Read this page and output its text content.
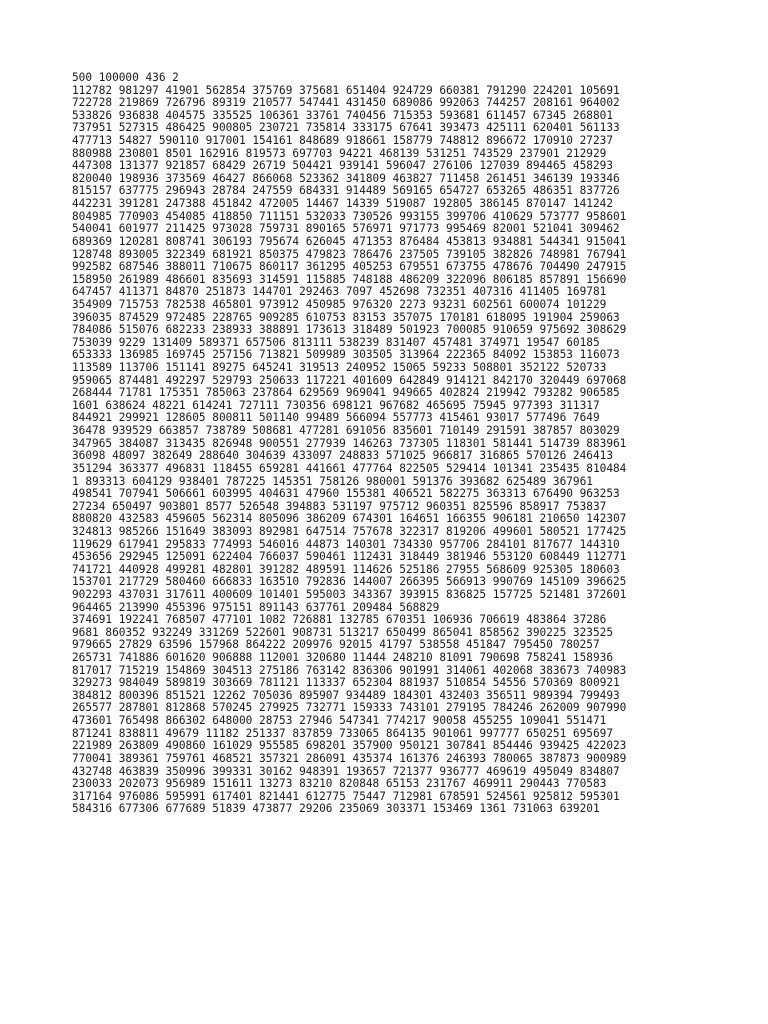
500 100000 436 2
112782 981297 41901 562854 375769 375681 651404 924729 660381 791290 224201 105691
722728 219869 726796 89319 210577 547441 431450 689086 992063 744257 208161 964002
533826 936838 404575 335525 106361 33761 740456 715353 593681 611457 67345 268801
737951 527315 486425 900805 230721 735814 333175 67641 393473 425111 620401 561133
477713 54827 590110 917001 154161 848689 918661 158779 748812 896672 170910 27237
880988 230801 8501 162916 819573 697703 94221 468139 531251 743529 237901 212929
447308 131377 921857 68429 26719 504421 939141 596047 276106 127039 894465 458293
820040 198936 373569 46427 866068 523362 341809 463827 711458 261451 346139 193346
815157 637775 296943 28784 247559 684331 914489 569165 654727 653265 486351 837726
442231 391281 247388 451842 472005 14467 14339 519087 192805 386145 870147 141242
804985 770903 454085 418850 711151 532033 730526 993155 399706 410629 573777 958601
540041 601977 211425 973028 759731 890165 576971 971773 995469 82001 521041 309462
689369 120281 808741 306193 795674 626045 471353 876484 453813 934881 544341 915041
128748 893005 322349 681921 850375 479823 786476 237505 739105 382826 748981 767941
992582 687546 388011 710675 860117 361295 405253 679551 673755 478676 704490 247915
158950 261989 486601 835693 314591 115885 748188 486209 322096 806185 857891 156690
647457 411371 84870 251873 144701 292463 7097 452698 732351 407316 411405 169781
354909 715753 782538 465801 973912 450985 976320 2273 93231 602561 600074 101229
396035 874529 972485 228765 909285 610753 83153 357075 170181 618095 191904 259063
784086 515076 682233 238933 388891 173613 318489 501923 700085 910659 975692 308629
753039 9229 131409 589371 657506 813111 538239 831407 457481 374971 19547 60185
653333 136985 169745 257156 713821 509989 303505 313964 222365 84092 153853 116073
113589 113706 151141 89275 645241 319513 240952 15065 59233 508801 352122 520733
959065 874481 492297 529793 250633 117221 401609 642849 914121 842170 320449 697068
268444 71781 175351 785063 237864 629569 969041 949665 402824 219942 793282 906585
1601 638624 48221 614241 727111 730356 698121 967682 465695 75945 977393 311317
844921 299921 128605 800811 501140 99489 566094 557773 415461 93017 577496 7649
36478 939529 663857 738789 508681 477281 691056 835601 710149 291591 387857 803029
347965 384087 313435 826948 900551 277939 146263 737305 118301 581441 514739 883961
36098 48097 382649 288640 304639 433097 248833 571025 966817 316865 570126 246413
351294 363377 496831 118455 659281 441661 477764 822505 529414 101341 235435 810484
1 893313 604129 938401 787225 145351 758126 980001 591376 393682 625489 367961
498541 707941 506661 603995 404631 47960 155381 406521 582275 363313 676490 963253
27234 650497 903801 8577 526548 394883 531197 975712 960351 825596 858917 753837
880820 432583 459605 562314 805096 386209 674301 164651 166355 906181 210650 142307
324813 985266 151649 383093 892981 647514 757678 322317 819206 499601 580521 177425
119629 617941 295833 774993 546016 44873 140301 734330 957706 284101 817677 144310
453656 292945 125091 622404 766037 590461 112431 318449 381946 553120 608449 112771
741721 440928 499281 482801 391282 489591 114626 525186 27955 568609 925305 180603
153701 217729 580460 666833 163510 792836 144007 266395 566913 990769 145109 396625
902293 437031 317611 400609 101401 595003 343367 393915 836825 157725 521481 372601
964465 213990 455396 975151 891143 637761 209484 568829
374691 192241 768507 477101 1082 726881 132785 670351 106936 706619 483864 37286
9681 860352 932249 331269 522601 908731 513217 650499 865041 858562 390225 323525
979665 27829 63596 157968 864222 209976 92015 41797 538558 451847 795450 780257
265731 741886 601620 906888 112001 320680 11444 248210 81091 790698 758241 158936
817017 715219 154869 304513 275186 763142 836306 901991 314061 402068 383673 740983
329273 984049 589819 303669 781121 113337 652304 881937 510854 54556 570369 800921
384812 800396 851521 12262 705036 895907 934489 184301 432403 356511 989394 799493
265577 287801 812868 570245 279925 732771 159333 743101 279195 784246 262009 907990
473601 765498 866302 648000 28753 27946 547341 774217 90058 455255 109041 551471
871241 838811 49679 11182 251337 837859 733065 864135 901061 997777 650251 695697
221989 263809 490860 161029 955585 698201 357900 950121 307841 854446 939425 422023
770041 389361 759761 468521 357321 286091 435374 161376 246393 780065 387873 900989
432748 463839 350996 399331 30162 948391 193657 721377 936777 469619 495049 834807
230033 202073 956989 151611 13273 83210 820848 65153 231767 469911 290443 770583
317164 976086 595991 617401 821441 612775 75447 712981 678591 524561 925812 595301
584316 677306 677689 51839 473877 29206 235069 303371 153469 1361 731063 639201
